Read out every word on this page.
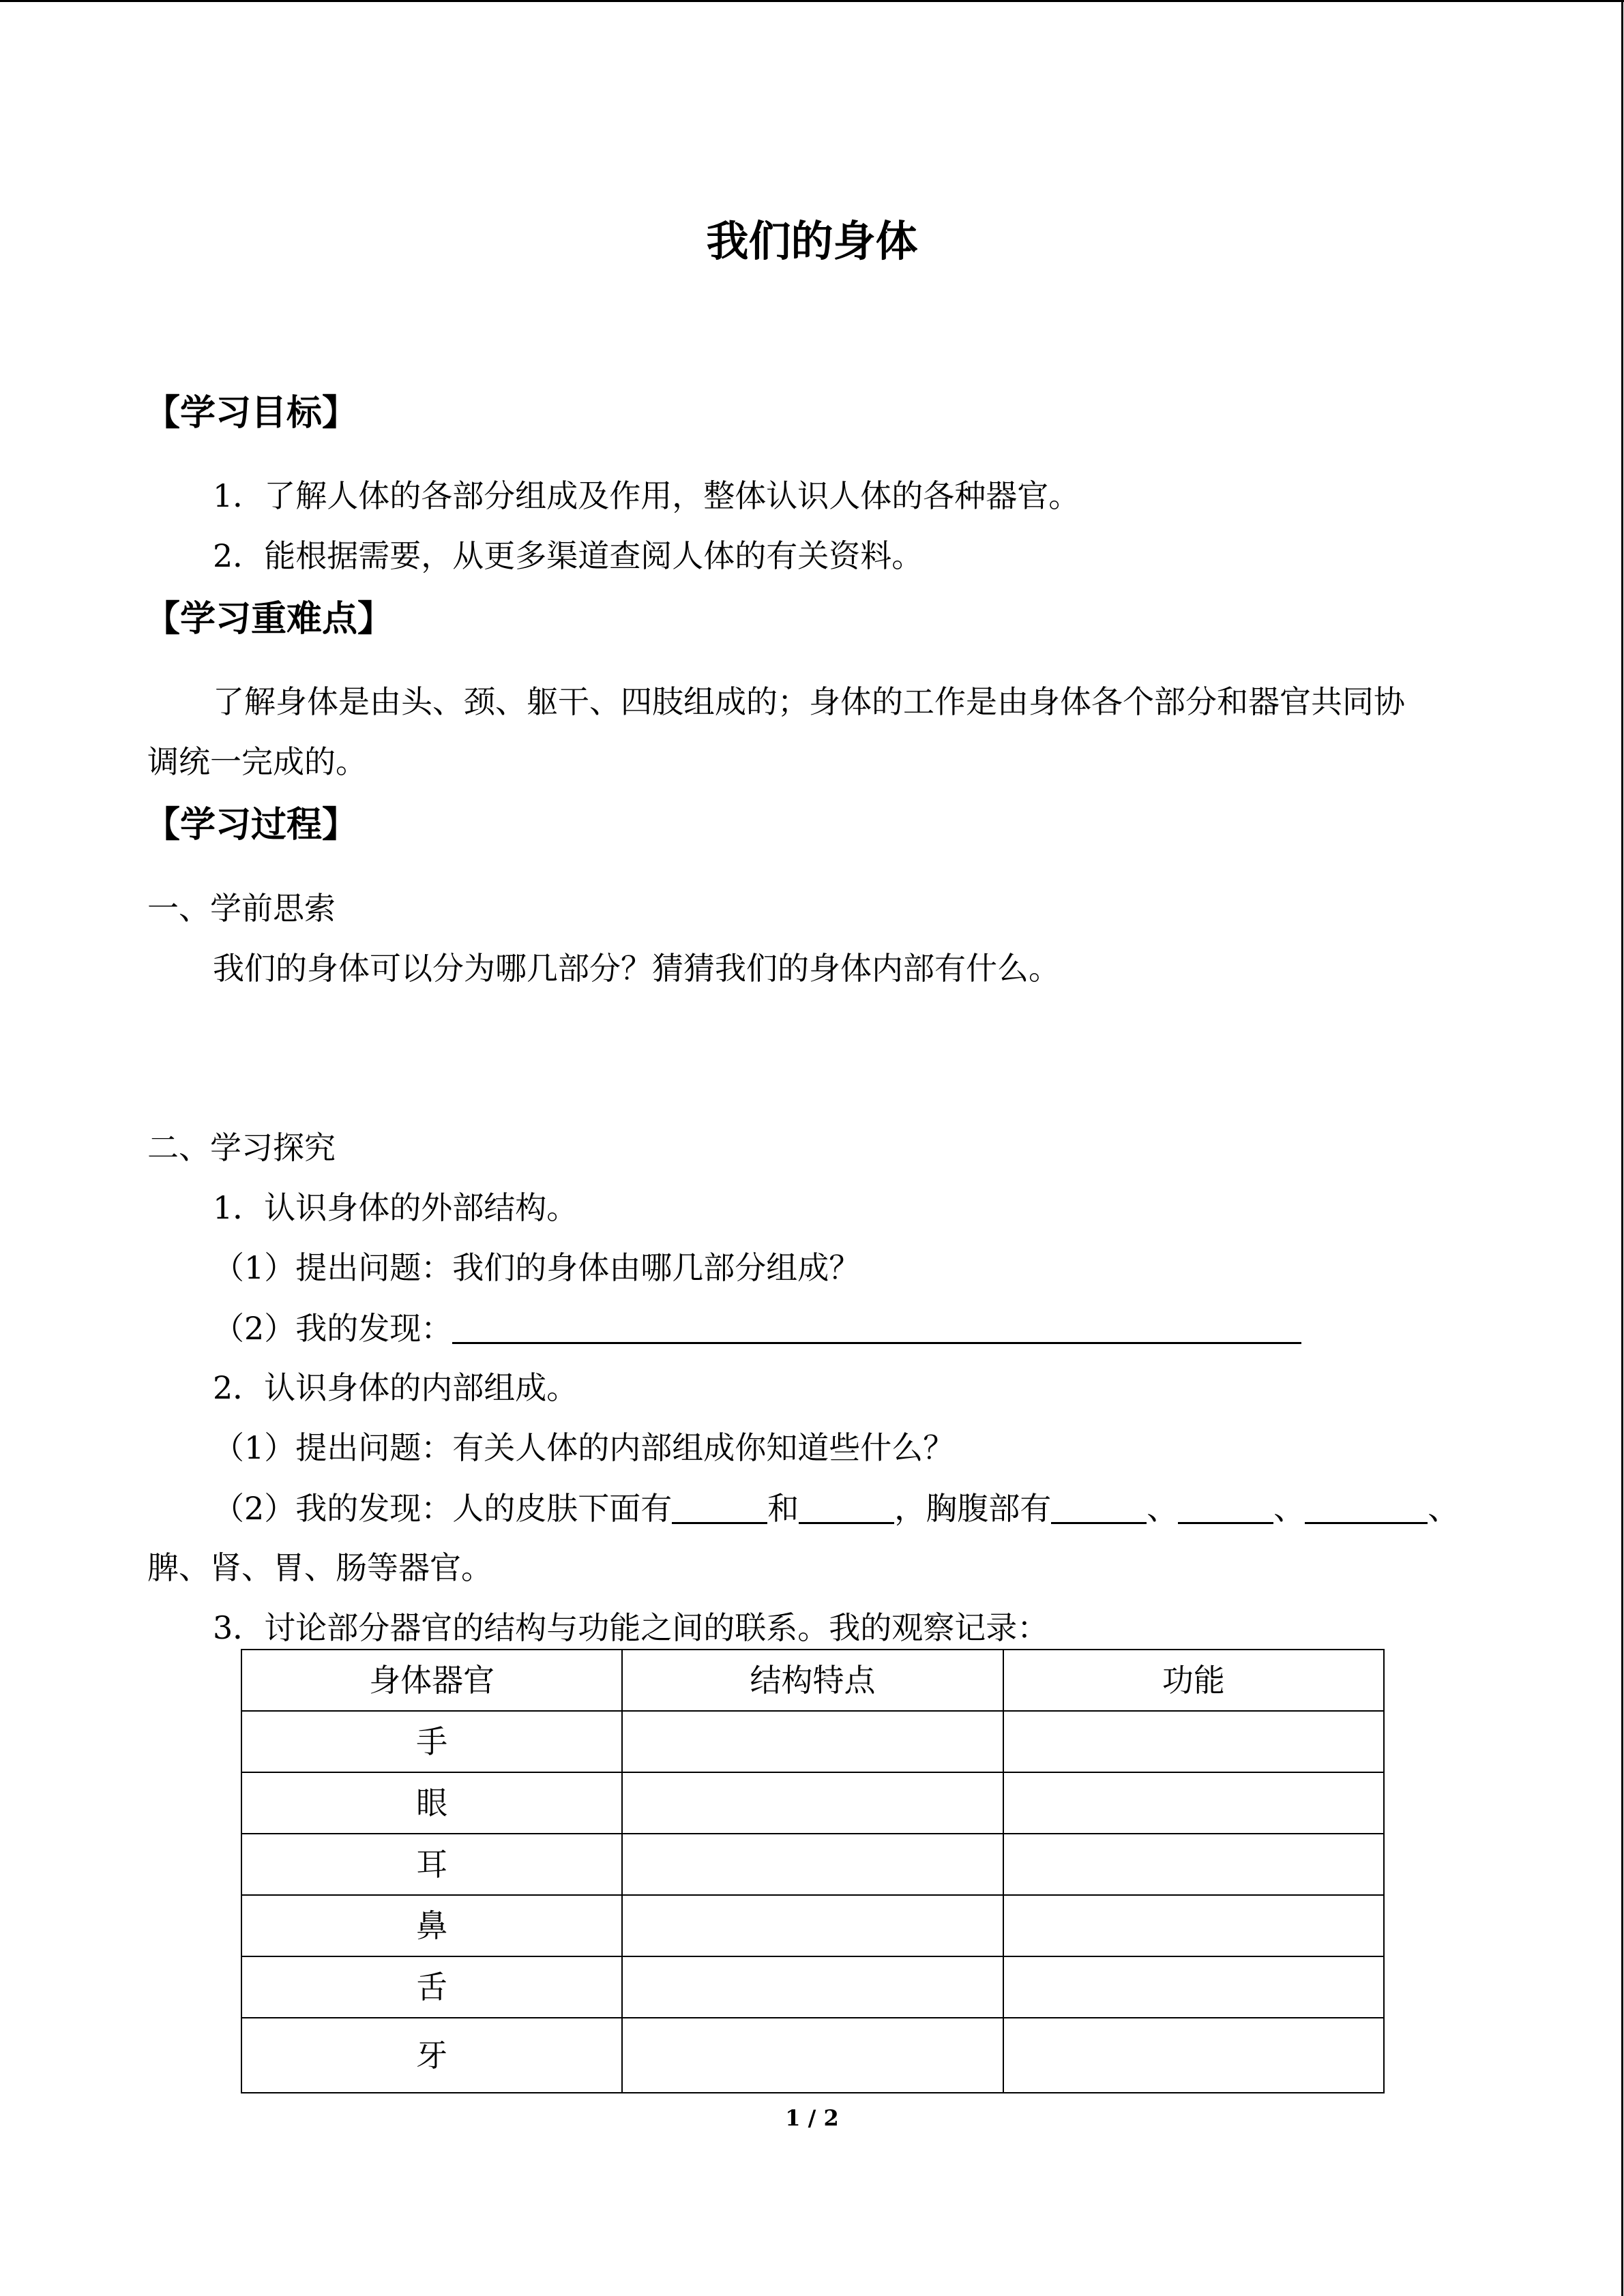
我们的身体
【学习目标】
1．了解人体的各部分组成及作用，整体认识人体的各种器官。
2．能根据需要，从更多渠道查阅人体的有关资料。
【学习重难点】
了解身体是由头、颈、躯干、四肢组成的；身体的工作是由身体各个部分和器官共同协
调统一完成的。
【学习过程】
一、学前思索
我们的身体可以分为哪几部分？猜猜我们的身体内部有什么。
二、学习探究
1．认识身体的外部结构。
（1）提出问题：我们的身体由哪几部分组成？
（2）我的发现：
2．认识身体的内部组成。
（1）提出问题：有关人体的内部组成你知道些什么？
（2）我的发现：人的皮肤下面有	和	，胸腹部有	、	、	、
脾、肾、胃、肠等器官。
3．讨论部分器官的结构与功能之间的联系。我的观察记录：
身体器官	结构特点	功能
手		
眼		
耳		
鼻		
舌		
牙		
1 / 2
